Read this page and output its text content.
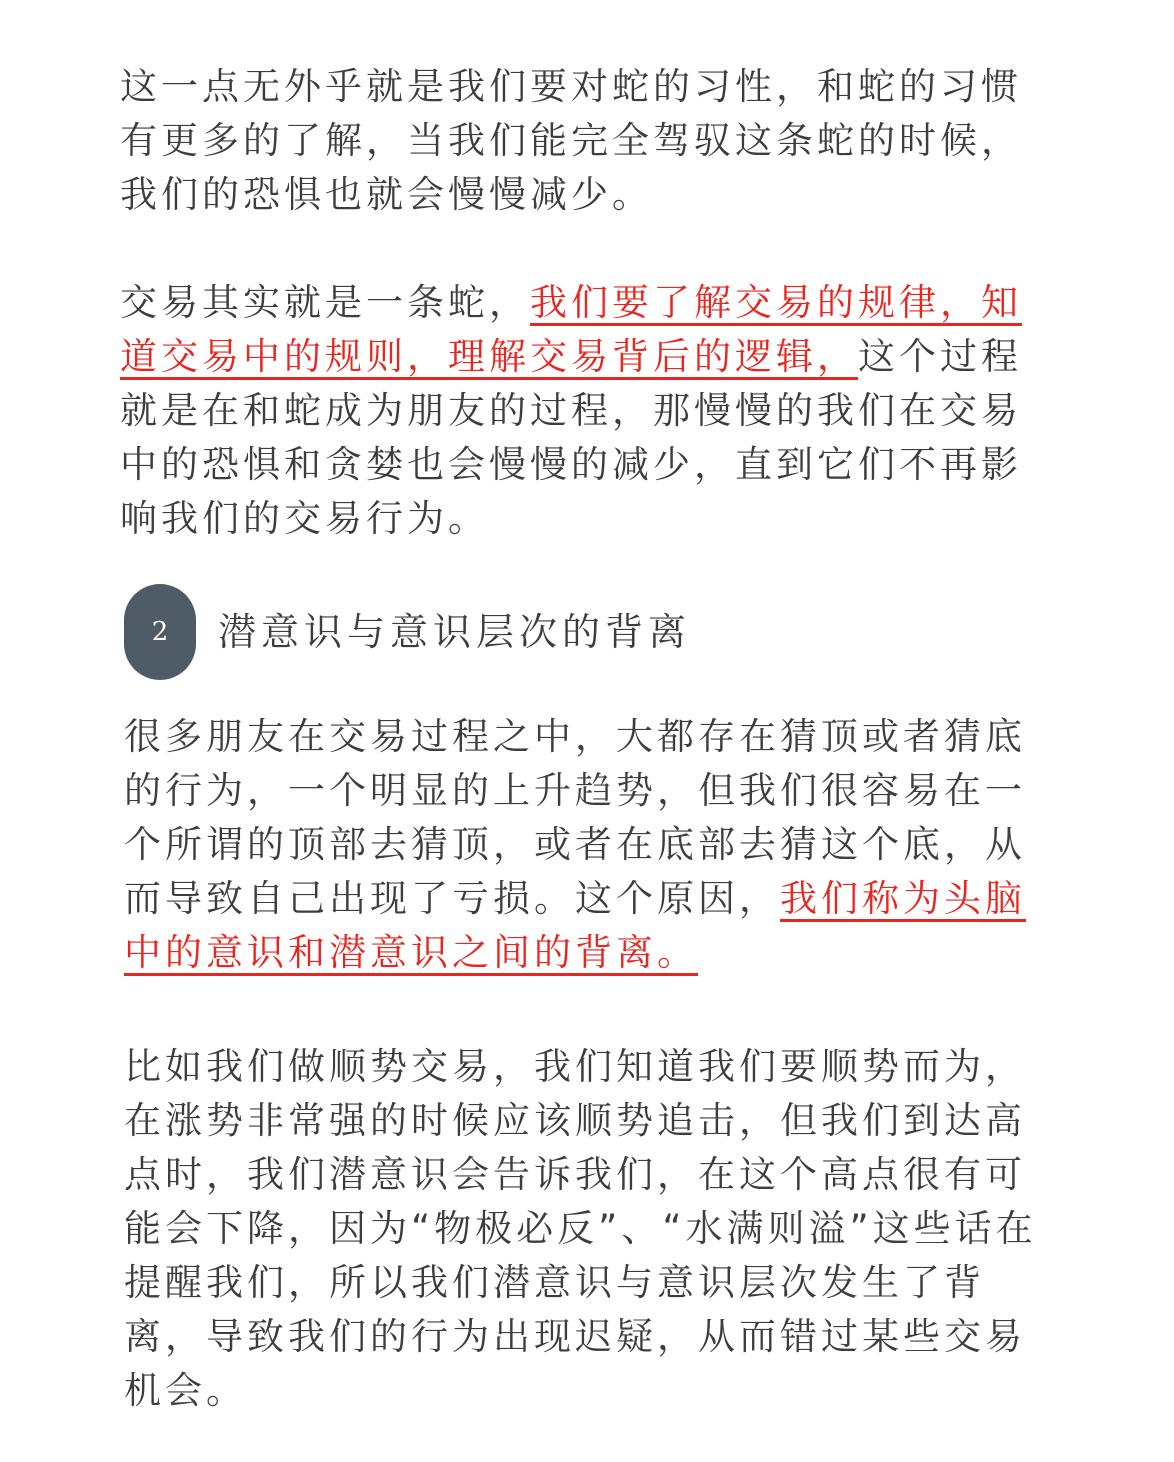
这一点无外乎就是我们要对蛇的习性，和蛇的习惯有更多的了解，当我们能完全驾驭这条蛇的时候，我们的恐惧也就会慢慢减少。

交易其实就是一条蛇，我们要了解交易的规律，知道交易中的规则，理解交易背后的逻辑，这个过程就是在和蛇成为朋友的过程，那慢慢的我们在交易中的恐惧和贪婪也会慢慢的减少，直到它们不再影响我们的交易行为。

2	潜意识与意识层次的背离

很多朋友在交易过程之中，大都存在猜顶或者猜底的行为，一个明显的上升趋势，但我们很容易在一个所谓的顶部去猜顶，或者在底部去猜这个底，从而导致自己出现了亏损。这个原因，我们称为头脑中的意识和潜意识之间的背离。

比如我们做顺势交易，我们知道我们要顺势而为，在涨势非常强的时候应该顺势追击，但我们到达高点时，我们潜意识会告诉我们，在这个高点很有可能会下降，因为“物极必反”、“水满则溢”这些话在提醒我们，所以我们潜意识与意识层次发生了背离，导致我们的行为出现迟疑，从而错过某些交易机会。
